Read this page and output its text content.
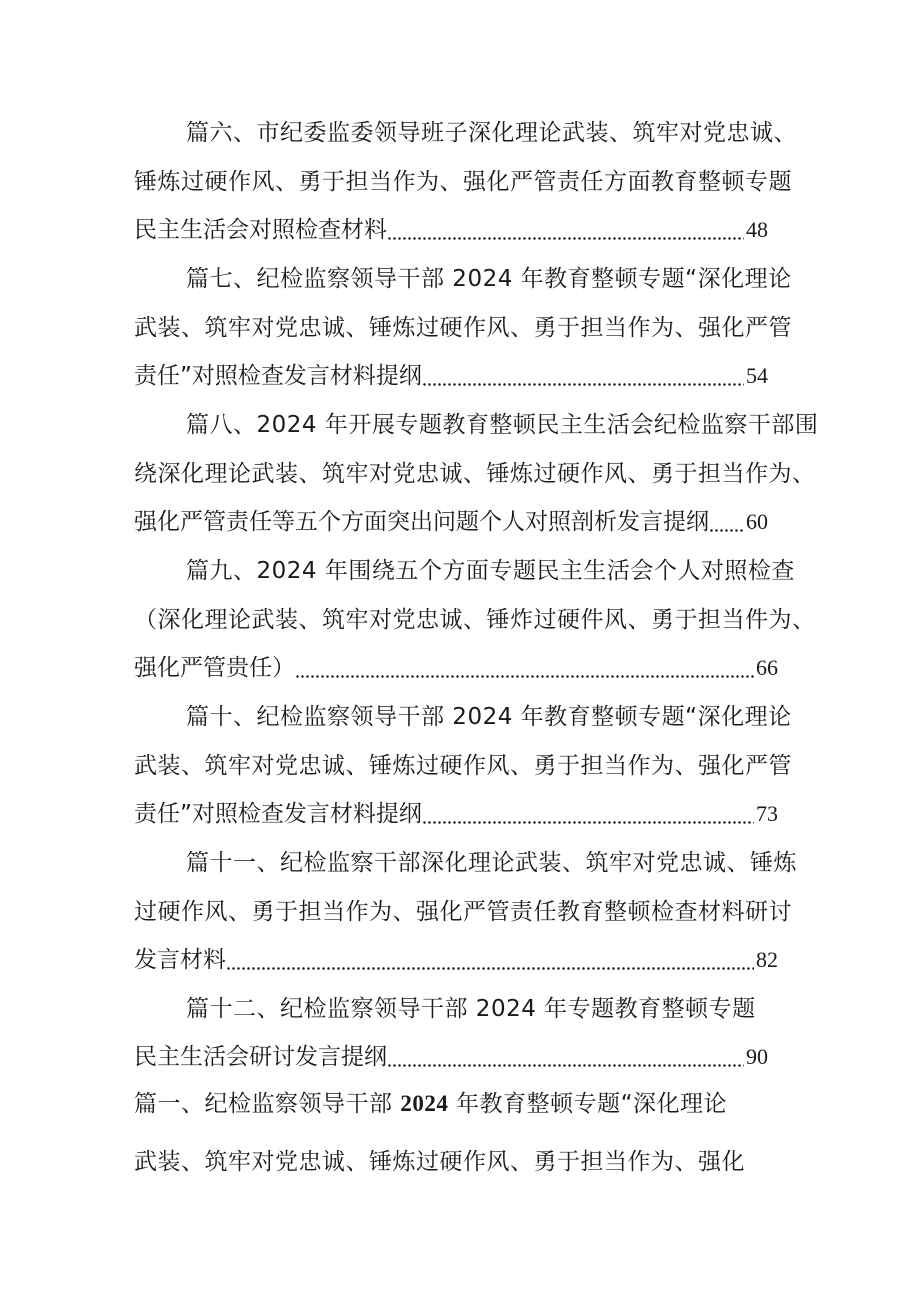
篇六、市纪委监委领导班子深化理论武装、筑牢对党忠诚、
锤炼过硬作风、勇于担当作为、强化严管责任方面教育整顿专题
民主生活会对照检查材料	48
篇七、纪检监察领导干部 2024 年教育整顿专题“深化理论
武装、筑牢对党忠诚、锤炼过硬作风、勇于担当作为、强化严管
责任”对照检查发言材料提纲	54
篇八、2024 年开展专题教育整顿民主生活会纪检监察干部围
绕深化理论武装、筑牢对党忠诚、锤炼过硬作风、勇于担当作为、
强化严管责任等五个方面突出问题个人对照剖析发言提纲 60
篇九、2024 年围绕五个方面专题民主生活会个人对照检查
（深化理论武装、筑牢对党忠诚、锤炸过硬件风、勇于担当件为、
强化严管贵任）	66
篇十、纪检监察领导干部 2024 年教育整顿专题“深化理论
武装、筑牢对党忠诚、锤炼过硬作风、勇于担当作为、强化严管
责任”对照检查发言材料提纲	73
篇十一、纪检监察干部深化理论武装、筑牢对党忠诚、锤炼
过硬作风、勇于担当作为、强化严管责任教育整顿检查材料研讨
发言材料	82
篇十二、纪检监察领导干部 2024 年专题教育整顿专题
民主生活会研讨发言提纲	90
篇一、纪检监察领导干部 2024 年教育整顿专题“深化理论
武装、筑牢对党忠诚、锤炼过硬作风、勇于担当作为、强化
